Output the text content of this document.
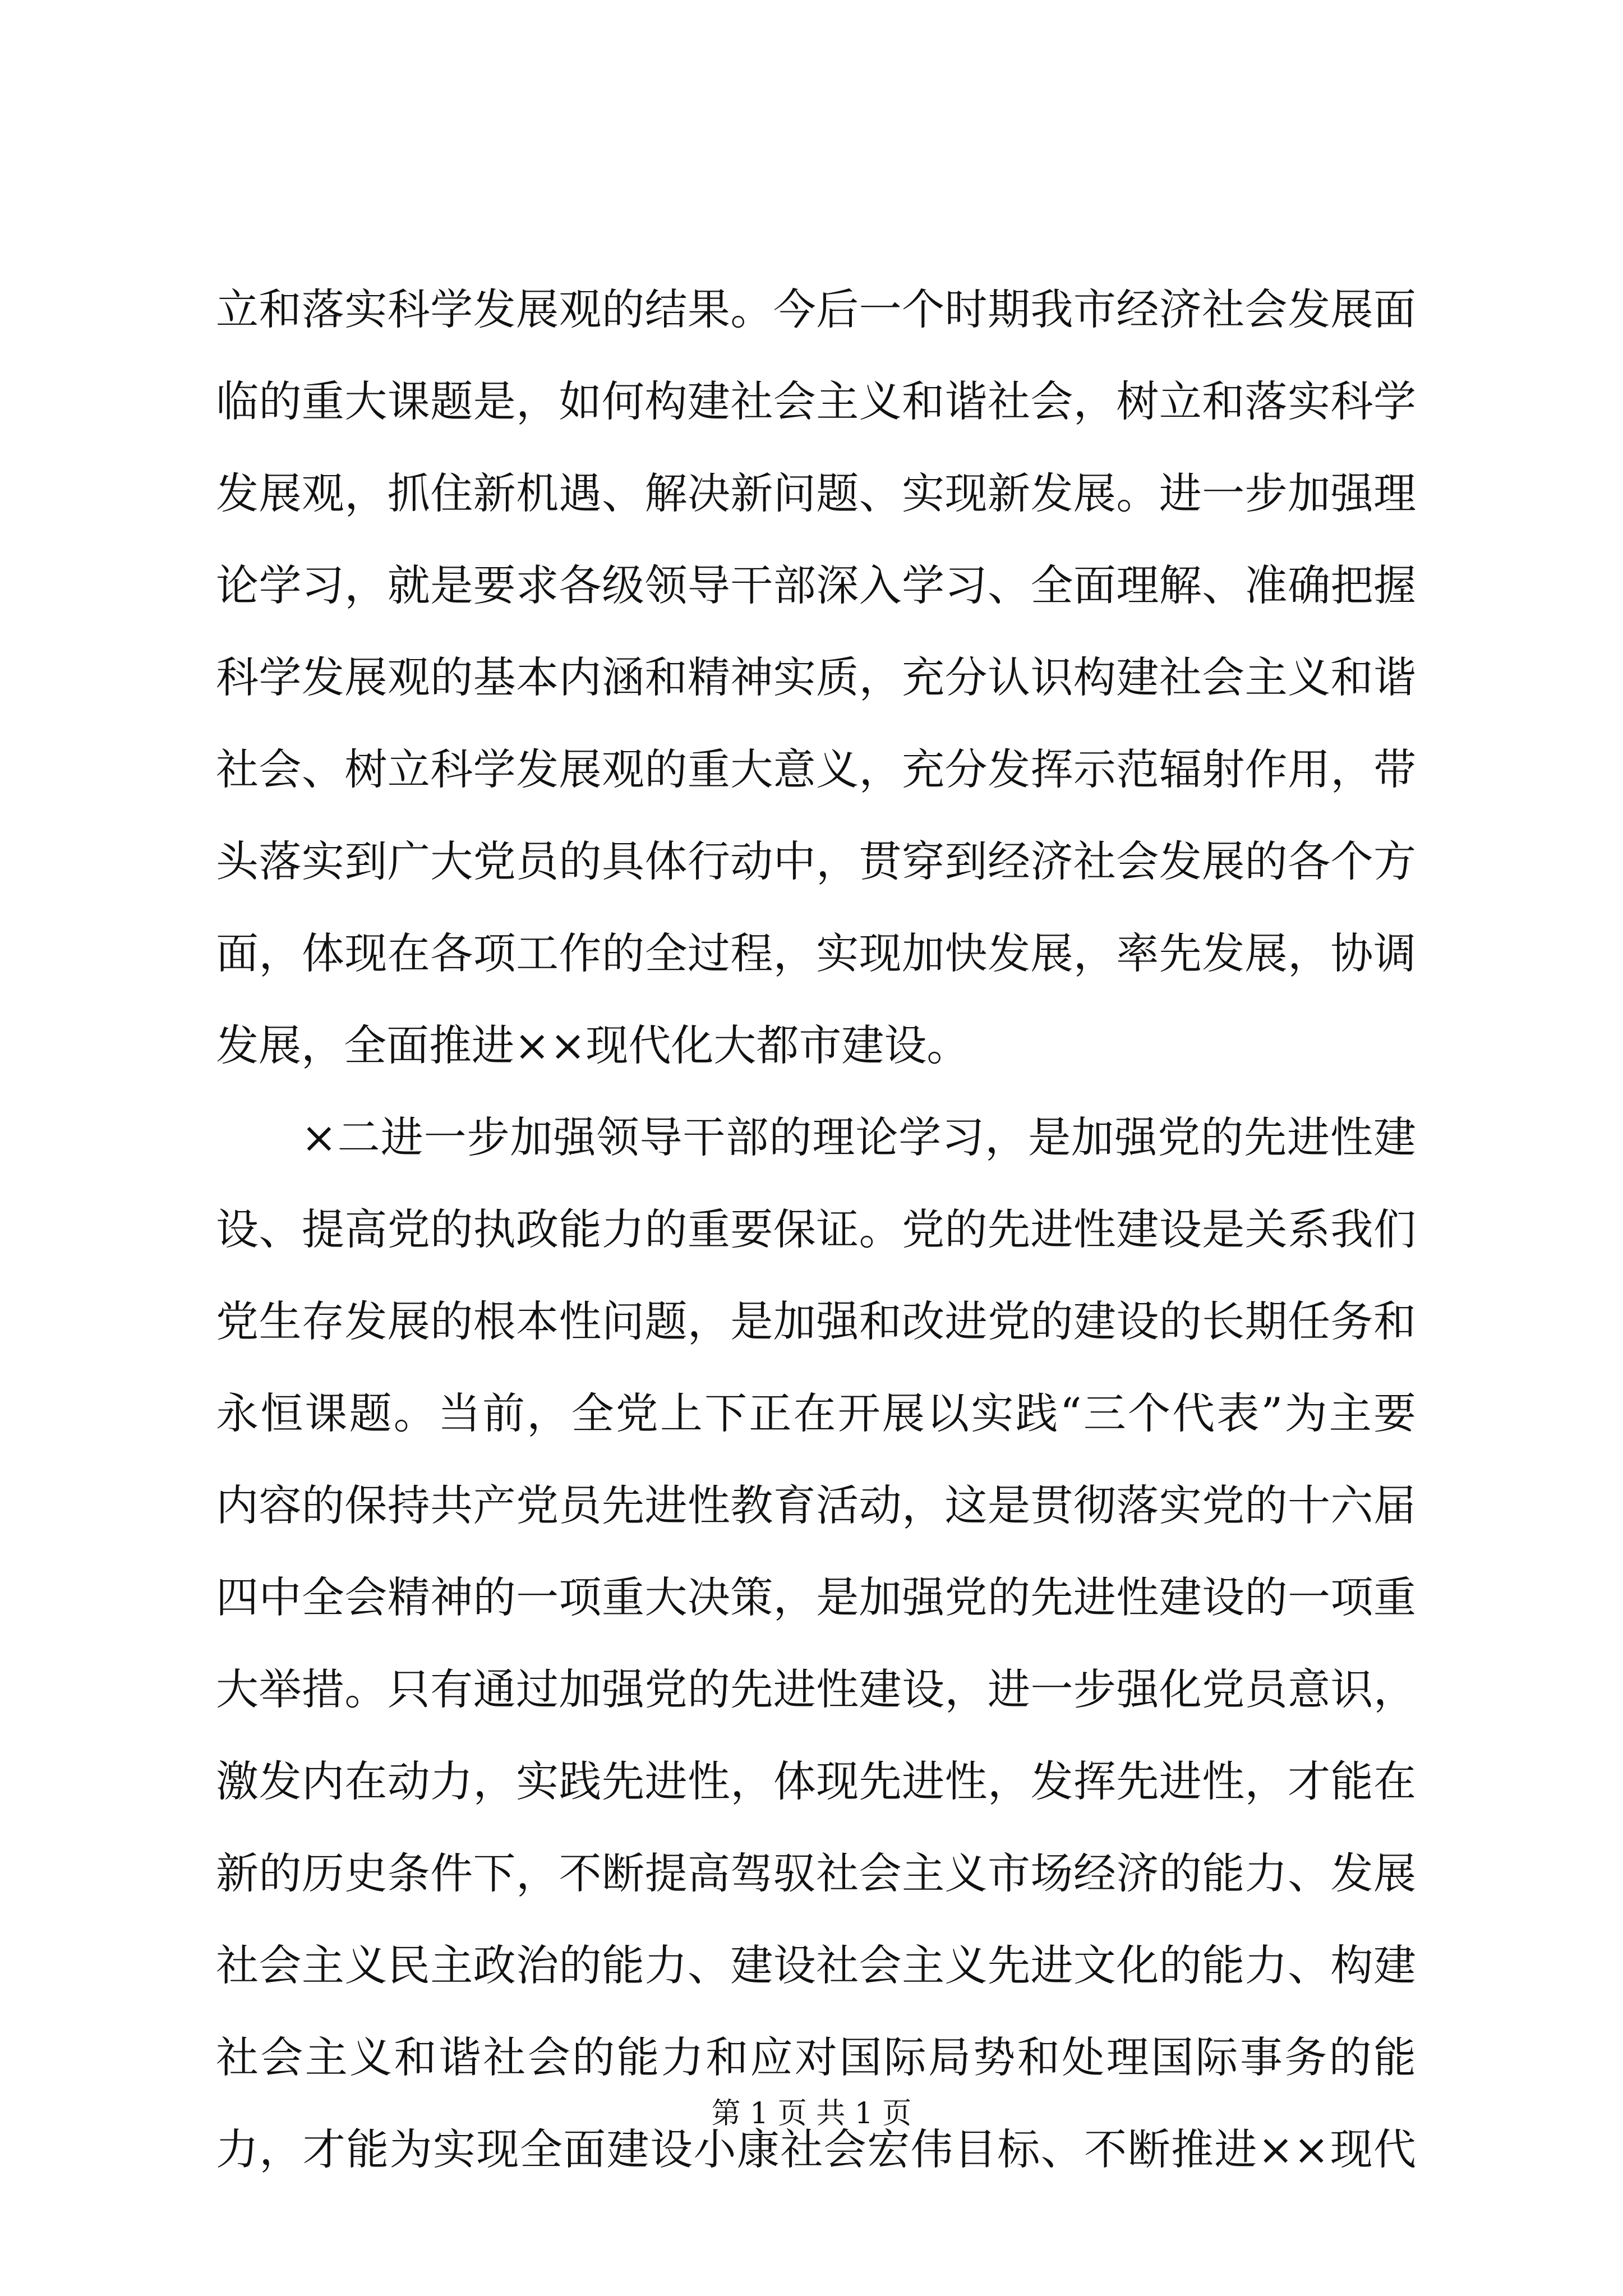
立和落实科学发展观的结果。今后一个时期我市经济社会发展面
临的重大课题是，如何构建社会主义和谐社会，树立和落实科学
发展观，抓住新机遇、解决新问题、实现新发展。进一步加强理
论学习，就是要求各级领导干部深入学习、全面理解、准确把握
科学发展观的基本内涵和精神实质，充分认识构建社会主义和谐
社会、树立科学发展观的重大意义，充分发挥示范辐射作用，带
头落实到广大党员的具体行动中，贯穿到经济社会发展的各个方
面，体现在各项工作的全过程，实现加快发展，率先发展，协调
发展，全面推进××现代化大都市建设。
×二进一步加强领导干部的理论学习，是加强党的先进性建
设、提高党的执政能力的重要保证。党的先进性建设是关系我们
党生存发展的根本性问题，是加强和改进党的建设的长期任务和
永恒课题。当前，全党上下正在开展以实践“三个代表”为主要
内容的保持共产党员先进性教育活动，这是贯彻落实党的十六届
四中全会精神的一项重大决策，是加强党的先进性建设的一项重
大举措。只有通过加强党的先进性建设，进一步强化党员意识，
激发内在动力，实践先进性，体现先进性，发挥先进性，才能在
新的历史条件下，不断提高驾驭社会主义市场经济的能力、发展
社会主义民主政治的能力、建设社会主义先进文化的能力、构建
社会主义和谐社会的能力和应对国际局势和处理国际事务的能
力，才能为实现全面建设小康社会宏伟目标、不断推进××现代
第 1 页 共 1 页
